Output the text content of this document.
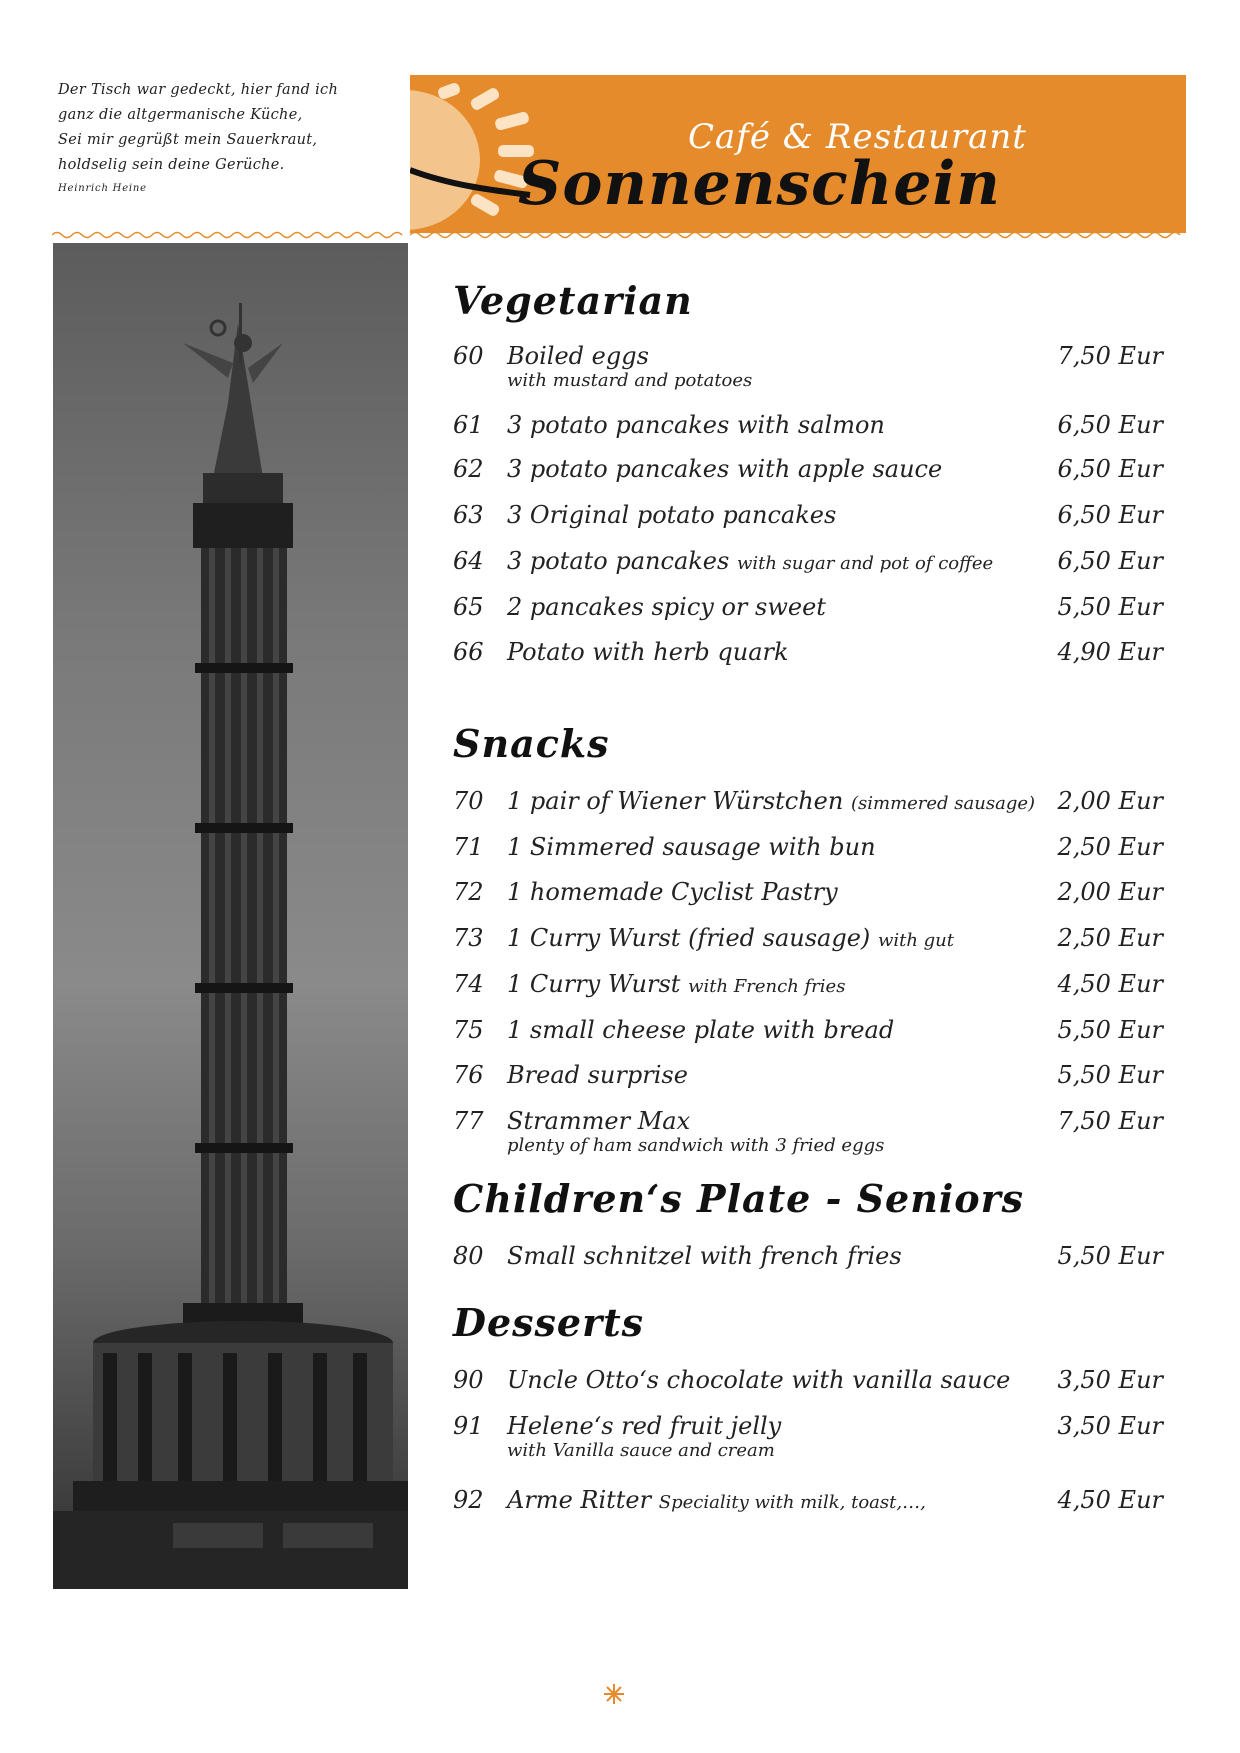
Der Tisch war gedeckt, hier fand ich
ganz die altgermanische Küche,
Sei mir gegrüßt mein Sauerkraut,
holdselig sein deine Gerüche.
Heinrich Heine
Café & Restaurant
Sonnenschein
Vegetarian
60 Boiled eggs	7,50 Eur
with mustard and potatoes
61 3 potato pancakes with salmon	6,50 Eur
62 3 potato pancakes with apple sauce	6,50 Eur
63 3 Original potato pancakes	6,50 Eur
64 3 potato pancakes with sugar and pot of coffee	6,50 Eur
65 2 pancakes spicy or sweet	5,50 Eur
66 Potato with herb quark	4,90 Eur
Snacks
70 1 pair of Wiener Würstchen (simmered sausage) 2,00 Eur
71 1 Simmered sausage with bun	2,50 Eur
72 1 homemade Cyclist Pastry	2,00 Eur
73 1 Curry Wurst (fried sausage) with gut	2,50 Eur
74 1 Curry Wurst with French fries	4,50 Eur
75 1 small cheese plate with bread	5,50 Eur
76 Bread surprise	5,50 Eur
77 Strammer Max	7,50 Eur
plenty of ham sandwich with 3 fried eggs
Children‘s Plate - Seniors
80 Small schnitzel with french fries	5,50 Eur
Desserts
90 Uncle Otto‘s chocolate with vanilla sauce 3,50 Eur
91 Helene‘s red fruit jelly	3,50 Eur
with Vanilla sauce and cream
92 Arme Ritter Speciality with milk, toast,…,	4,50 Eur
